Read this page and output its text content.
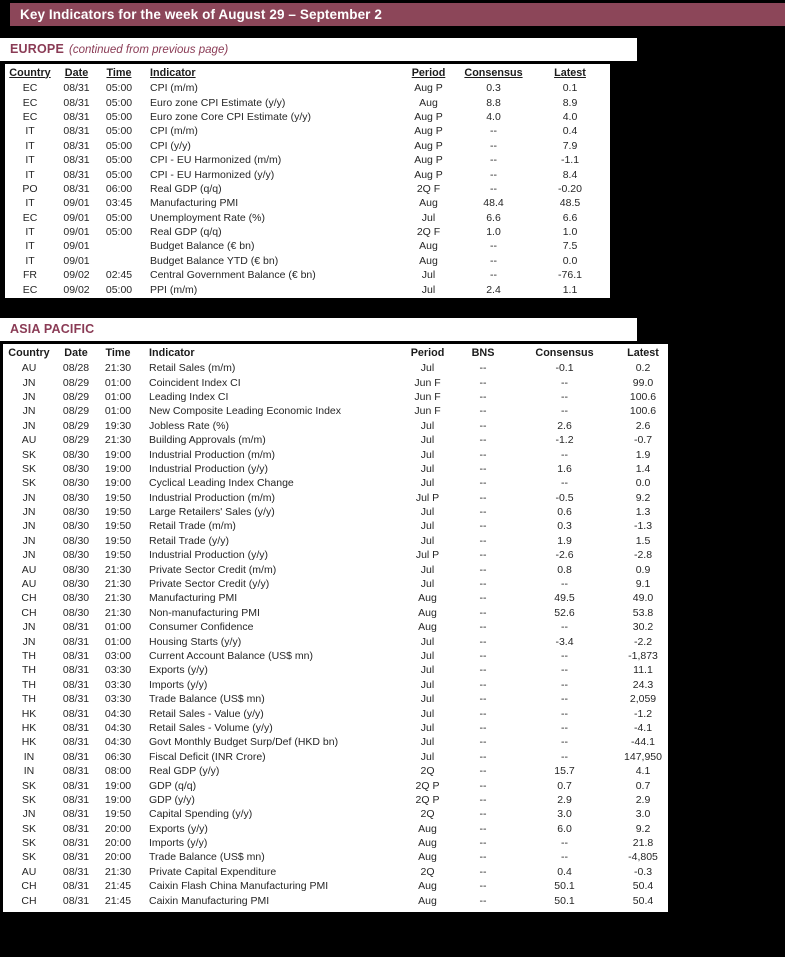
Key Indicators for the week of August 29 – September 2
EUROPE (continued from previous page)
Country	Date	Time	Indicator	Period	Consensus	Latest
EC	08/31	05:00	CPI (m/m)	Aug P	0.3	0.1
EC	08/31	05:00	Euro zone CPI Estimate (y/y)	Aug	8.8	8.9
EC	08/31	05:00	Euro zone Core CPI Estimate (y/y)	Aug P	4.0	4.0
IT	08/31	05:00	CPI (m/m)	Aug P	--	0.4
IT	08/31	05:00	CPI (y/y)	Aug P	--	7.9
IT	08/31	05:00	CPI - EU Harmonized (m/m)	Aug P	--	-1.1
IT	08/31	05:00	CPI - EU Harmonized (y/y)	Aug P	--	8.4
PO	08/31	06:00	Real GDP (q/q)	2Q F	--	-0.20
IT	09/01	03:45	Manufacturing PMI	Aug	48.4	48.5
EC	09/01	05:00	Unemployment Rate (%)	Jul	6.6	6.6
IT	09/01	05:00	Real GDP (q/q)	2Q F	1.0	1.0
IT	09/01		Budget Balance (€ bn)	Aug	--	7.5
IT	09/01		Budget Balance YTD (€ bn)	Aug	--	0.0
FR	09/02	02:45	Central Government Balance (€ bn)	Jul	--	-76.1
EC	09/02	05:00	PPI (m/m)	Jul	2.4	1.1
ASIA PACIFIC
Country	Date	Time	Indicator	Period	BNS	Consensus	Latest
AU	08/28	21:30	Retail Sales (m/m)	Jul	--	-0.1	0.2
JN	08/29	01:00	Coincident Index CI	Jun F	--	--	99.0
JN	08/29	01:00	Leading Index CI	Jun F	--	--	100.6
JN	08/29	01:00	New Composite Leading Economic Index	Jun F	--	--	100.6
JN	08/29	19:30	Jobless Rate (%)	Jul	--	2.6	2.6
AU	08/29	21:30	Building Approvals (m/m)	Jul	--	-1.2	-0.7
SK	08/30	19:00	Industrial Production (m/m)	Jul	--	--	1.9
SK	08/30	19:00	Industrial Production (y/y)	Jul	--	1.6	1.4
SK	08/30	19:00	Cyclical Leading Index Change	Jul	--	--	0.0
JN	08/30	19:50	Industrial Production (m/m)	Jul P	--	-0.5	9.2
JN	08/30	19:50	Large Retailers' Sales (y/y)	Jul	--	0.6	1.3
JN	08/30	19:50	Retail Trade (m/m)	Jul	--	0.3	-1.3
JN	08/30	19:50	Retail Trade (y/y)	Jul	--	1.9	1.5
JN	08/30	19:50	Industrial Production (y/y)	Jul P	--	-2.6	-2.8
AU	08/30	21:30	Private Sector Credit (m/m)	Jul	--	0.8	0.9
AU	08/30	21:30	Private Sector Credit (y/y)	Jul	--	--	9.1
CH	08/30	21:30	Manufacturing PMI	Aug	--	49.5	49.0
CH	08/30	21:30	Non-manufacturing PMI	Aug	--	52.6	53.8
JN	08/31	01:00	Consumer Confidence	Aug	--	--	30.2
JN	08/31	01:00	Housing Starts (y/y)	Jul	--	-3.4	-2.2
TH	08/31	03:00	Current Account Balance (US$ mn)	Jul	--	--	-1,873
TH	08/31	03:30	Exports (y/y)	Jul	--	--	11.1
TH	08/31	03:30	Imports (y/y)	Jul	--	--	24.3
TH	08/31	03:30	Trade Balance (US$ mn)	Jul	--	--	2,059
HK	08/31	04:30	Retail Sales - Value (y/y)	Jul	--	--	-1.2
HK	08/31	04:30	Retail Sales - Volume (y/y)	Jul	--	--	-4.1
HK	08/31	04:30	Govt Monthly Budget Surp/Def (HKD bn)	Jul	--	--	-44.1
IN	08/31	06:30	Fiscal Deficit (INR Crore)	Jul	--	--	147,950
IN	08/31	08:00	Real GDP (y/y)	2Q	--	15.7	4.1
SK	08/31	19:00	GDP (q/q)	2Q P	--	0.7	0.7
SK	08/31	19:00	GDP (y/y)	2Q P	--	2.9	2.9
JN	08/31	19:50	Capital Spending (y/y)	2Q	--	3.0	3.0
SK	08/31	20:00	Exports (y/y)	Aug	--	6.0	9.2
SK	08/31	20:00	Imports (y/y)	Aug	--	--	21.8
SK	08/31	20:00	Trade Balance (US$ mn)	Aug	--	--	-4,805
AU	08/31	21:30	Private Capital Expenditure	2Q	--	0.4	-0.3
CH	08/31	21:45	Caixin Flash China Manufacturing PMI	Aug	--	50.1	50.4
CH	08/31	21:45	Caixin Manufacturing PMI	Aug	--	50.1	50.4
